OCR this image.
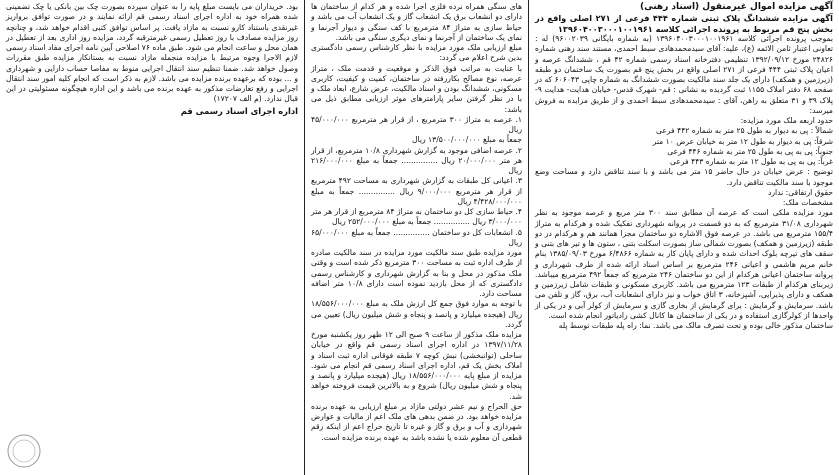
آگهی مزایده اموال غیرمنقول (اسناد رهنی)

آگهی مزایده ششدانگ پلاک ثبتی شماره ۴۴۴ فرعی از ۲۷۱ اصلی واقع در بخش پنج قم مربوط به پرونده اجرائی کلاسه ۱۳۹۶۰۴۰۰۳۰۰۰۱۰۰۱۹۶۱

بموجب پرونده اجرائی کلاسه ۱۳۹۶۰۴۰۰۳۰۰۰۱۰۰۱۹۶۱ (به شماره بایگانی ۹۶۰۰۲۰۳۹) له : تعاونی اعتبار ثامن الائمه (ع)، علیه: آقای سیدمحمدهادی سبط احمدی، مستند سند رهنی شماره ۲۴۸۲۶ مورخ ۱۳۹۲/۰۹/۱۲ تنظیمی دفترخانه اسناد رسمی شماره ۴۲ قم ، ششدانگ عرصه و اعیان پلاک ثبتی ۴۴۴ فرعی از ۲۷۱ اصلی واقع در بخش پنج قم بصورت یک ساختمان دو طبقه (زیرزمین و همکف) دارای یک جلد سند مالکیت بصورت ششدانگ به شماره چاپی ۶۰۶۰۴۳ که در صفحه ۶۸ دفتر املاک ۱۱۵۵ ثبت گردیده به نشانی : قم- شهرک قدس- خیابان هدایت- هدایت ۹- پلاک ۳۹ و ۳۱ متعلق به راهن، آقای : سیدمحمدهادی سبط احمدی و از طریق مزایده به فروش میرسد:

حدود اربعه ملک مورد مزایده:

شمالاً : پی به دیوار به طول ۲۵ متر به شماره ۴۴۲ فرعی

شرقاً: پی به دیوار به طول ۱۲ متر به خیابان عرض ۱۰ متر

جنوباً: پی به پی به طول ۲۵ متر به شماره ۴۴۶ فرعی

غرباً: پی به پی به طول ۱۲ متر به شماره ۴۴۳ فرعی

توضیح : عرض خیابان در حال حاضر ۱۵ متر می باشد و با سند تناقض دارد و مساحت وضع موجود با سند مالکیت تناقض دارد.

حقوق ارتفاقی: ندارد

مشخصات ملک:

مورد مزایده ملکی است که عرصه آن مطابق سند ۳۰۰ متر مربع و عرصه موجود به نظر شهرداری ۳۱/۰۸ مترمربع که به دو قسمت در پروانه شهرداری تفکیک شده و هرکدام به متراژ ۱۵۵/۴ مترمربع می باشد. در عرصه فوق الاشاره دو ساختمان مجزا همانند هم و هرکدام در دو طبقه (زیرزمین و همکف) بصورت شمالی ساز بصورت اسکلت بتنی ، ستون ها و تیر های بتنی و سقف های تیرچه بلوک احداث شده و دارای پایان کار به شماره ۶/۴۸۶۶ مورخ ۱۳۸۵/۰۹/۰۳ بنام خانم مریم هاشمی و اعیانی ۲۴۶ مترمربع بر اساس اسناد ارائه شده از طرف شهرداری و پروانه ساختمان اعیانی هرکدام از این دو ساختمان ۲۴۶ مترمربع که جمعاً ۴۹۲ مترمربع میباشد. زیربنای هرکدام از طبقات ۱۲۳ مترمربع می باشد. کاربری مسکونی و طبقات شامل زیرزمین و همکف و دارای پذیرایی، آشپزخانه، ۳ اتاق خواب و نیز دارای انشعابات آب، برق، گاز و تلفن می باشد. سرمایش و گرمایش : برای گرمایش از بخاری گازی و سرمایش از کولر آبی و در یکی از واحدها از کولرگازی استفاده و در یکی از ساختمان ها کانال کشی رادیاتور انجام شده است.

ساختمان مذکور خالی بوده و تحت تصرف مالک می باشد. نما: راه پله طبقات توسط پله

های سنگی همراه نرده فلزی اجرا شده و هر کدام از ساختمان ها دارای دو انشعاب برق یک انشعاب گاز و یک انشعاب آب می باشد و حیاط سازی به متراژ ۸۴ مترمربع با کف سنگی و دیوار آجرنما و نمای یک ساختمان از آجرنما و نمای دیگری سنگی می باشد.

مبلغ ارزیابی ملک مورد مزایده با نظر کارشناس رسمی دادگستری بدین شرح اعلام می گردد:

با عنایت به مراتب فوق الذکر و موقعیت و قدمت ملک ، متراژ عرصه، نوع مصالح بکاررفته در ساختمان، کمیت و کیفیت، کاربری مسکونی، ششدانگ بودن و اسناد مالکیت، عرض شارع، ابعاد ملک و با در نظر گرفتن سایر پارامترهای موثر ارزیابی مطابق ذیل می باشد:

۱. عرصه به متراژ ۳۰۰ مترمربع ، از قرار هر مترمربع ۴۵/۰۰۰/۰۰۰ ریال

جمعاً به مبلغ ۱۳/۵۰۰/۰۰۰/۰۰۰ ریال

۲. عرصه اضافی موجود به گزارش شهرداری ۱۰/۸ مترمربع، از قرار هر متر ۲۰/۰۰۰/۰۰۰ ریال ............... جمعاً به مبلغ ۲۱۶/۰۰۰/۰۰۰ ریال

۳. اعیانی کل طبقات به گزارش شهرداری به مساحت ۴۹۲ مترمربع از قرار هر مترمربع ۹/۰۰۰/۰۰۰ ریال ............... جمعاً به مبلغ ۴/۴۲۸/۰۰۰/۰۰۰ ریال

۴. حیاط سازی کل دو ساختمان به متراژ ۸۴ مترمربع از قرار هر متر ۳/۰۰۰/۰۰۰ ریال ............... جمعاً به مبلغ ۲۵۲/۰۰۰/۰۰۰ ریال

۵. انشعابات کل دو ساختمان ............... جمعاً به مبلغ ۶۵/۰۰۰/۰۰۰ ریال

مورد مزایده طبق سند مالکیت مورد مزایده در سند مالکیت صادره از طرف اداره ثبت به مساحت ۳۰۰ مترمربع ذکر شده است و وقتی ملک مذکور در محل و بنا به گزارش شهرداری و کارشناس رسمی دادگستری که از محل بازدید نموده است دارای ۱۰/۸ متر اضافه مساحت دارد.

با توجه به موارد فوق جمع کل ارزش ملک به مبلغ ۱۸/۵۵۶/۰۰۰/۰۰۰ ریال (هیجده میلیارد و پانصد و پنجاه و شش میلیون ریال) تعیین می گردد.

مزایده ملک مذکور از ساعت ۹ صبح الی ۱۲ ظهر روز یکشنبه مورخ ۱۳۹۷/۱۱/۲۸ در اداره اجرای اسناد رسمی قم واقع در خیابان ساحلی (توانبخشی) نبش کوچه ۷ طبقه فوقانی اداره ثبت اسناد و املاک بخش یک قم، اداره اجرای اسناد رسمی قم انجام می شود. مزایده از مبلغ پایه ۱۸/۵۵۶/۰۰۰/۰۰۰ ریال (هیجده میلیارد و پانصد و پنجاه و شش میلیون ریال) شروع و به بالاترین قیمت فروخته خواهد شد.

حق الحراج و نیم عشر دولتی مازاد بر مبلغ ارزیابی به عهده برنده مزایده خواهد بود. در ضمن بدهی های ملک اعم از مالیات و عوارض شهرداری و آب و برق و گاز و غیره تا تاریخ حراج اعم از اینکه رقم قطعی آن معلوم شده یا نشده باشد به عهده برنده مزایده است.

بود. خریداران می بایست مبلغ پایه را به عنوان سپرده بصورت چک بین بانکی یا چک تضمینی شده همراه خود به اداره اجرای اسناد رسمی قم ارائه نمایند و در صورت توافق برواریز غیرنقدی باستناد کارو نسبت به مازاد یافت. پر اساس توافق کتبی اقدام خواهد شد، و چنانچه روز مزایده مصادف با روز تعطیل رسمی غیرمترقبه گردد، مزایده روز اداری بعد از تعطیل در همان محل و ساعت انجام می شود. طبق ماده ۷۶ اصلاحی آیین نامه اجرای مفاد اسناد رسمی لازم الاجرا وجوه مرتبط با مزایده منجمله مازاد نسبت به بستانکار مزایده طبق مقررات وصول خواهد شد. ضمنا تنظیم سند انتقال اجرایی منوط به مفاصا حساب دارایی و شهرداری و ... بوده که برعهده برنده مزایده می باشد. لازم به ذکر است که انجام کلیه امور سند انتقال اجرایی و رفع تعارضات مذکور به عهده برنده می باشد و این اداره هیچگونه مسئولیتی در این قبال ندارد. (م الف ۱۷۲۰۷)

اداره اجرای اسناد رسمی قم
